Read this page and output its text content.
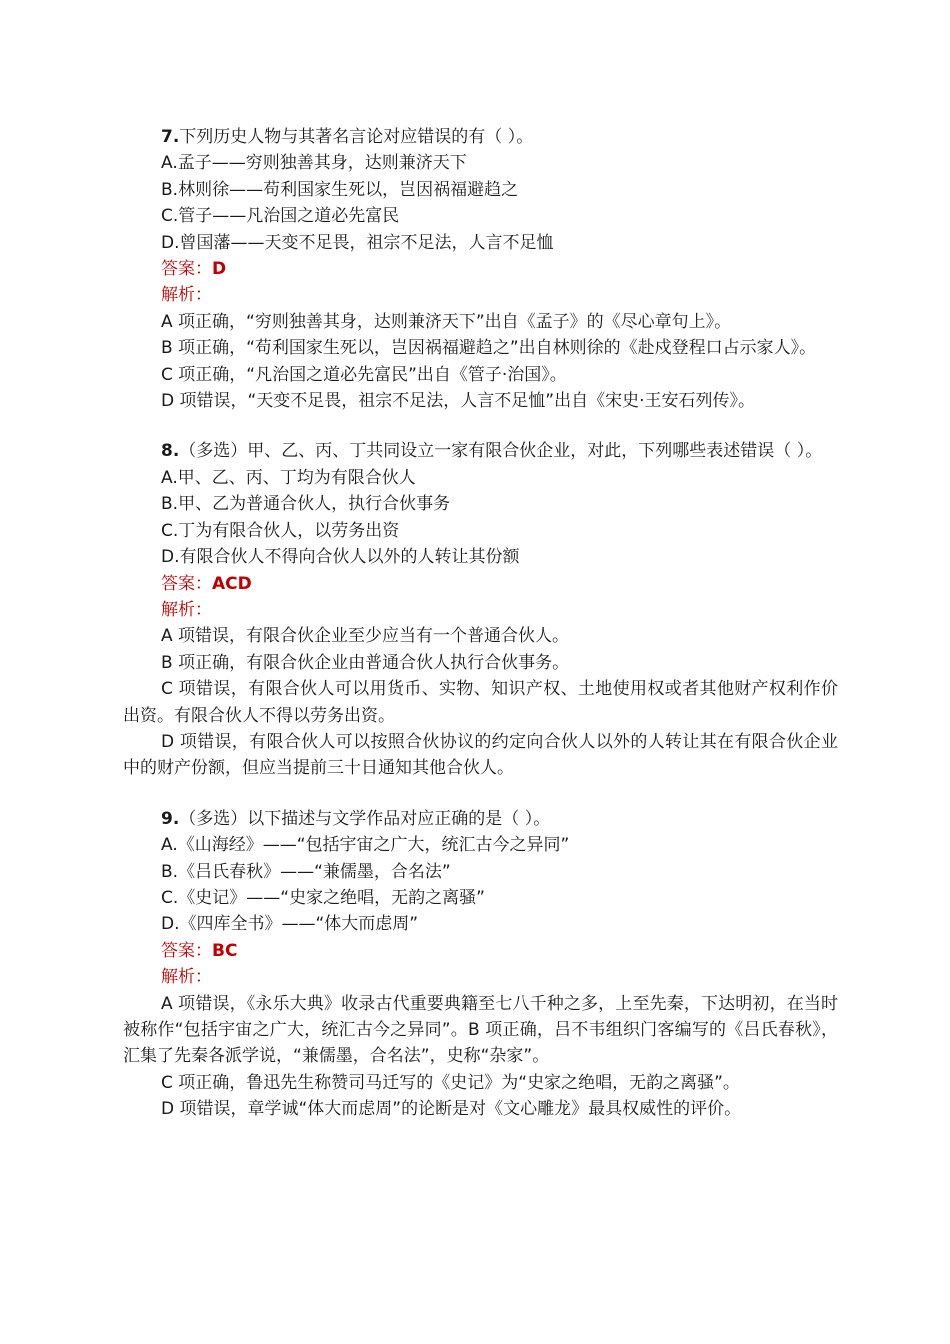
7.下列历史人物与其著名言论对应错误的有（ ）。
A.孟子——穷则独善其身，达则兼济天下
B.林则徐——苟利国家生死以，岂因祸福避趋之
C.管子——凡治国之道必先富民
D.曾国藩——天变不足畏，祖宗不足法，人言不足恤
答案：D
解析：
A 项正确，“穷则独善其身，达则兼济天下”出自《孟子》的《尽心章句上》。
B 项正确，“苟利国家生死以，岂因祸福避趋之”出自林则徐的《赴戍登程口占示家人》。
C 项正确，“凡治国之道必先富民”出自《管子·治国》。
D 项错误，“天变不足畏，祖宗不足法，人言不足恤”出自《宋史·王安石列传》。
8.（多选）甲、乙、丙、丁共同设立一家有限合伙企业，对此，下列哪些表述错误（ ）。
A.甲、乙、丙、丁均为有限合伙人
B.甲、乙为普通合伙人，执行合伙事务
C.丁为有限合伙人，以劳务出资
D.有限合伙人不得向合伙人以外的人转让其份额
答案：ACD
解析：
A 项错误，有限合伙企业至少应当有一个普通合伙人。
B 项正确，有限合伙企业由普通合伙人执行合伙事务。
C 项错误，有限合伙人可以用货币、实物、知识产权、土地使用权或者其他财产权利作价出资。有限合伙人不得以劳务出资。
D 项错误，有限合伙人可以按照合伙协议的约定向合伙人以外的人转让其在有限合伙企业中的财产份额，但应当提前三十日通知其他合伙人。
9.（多选）以下描述与文学作品对应正确的是（ ）。
A.《山海经》——“包括宇宙之广大，统汇古今之异同”
B.《吕氏春秋》——“兼儒墨，合名法”
C.《史记》——“史家之绝唱，无韵之离骚”
D.《四库全书》——“体大而虑周”
答案：BC
解析：
A 项错误，《永乐大典》收录古代重要典籍至七八千种之多，上至先秦，下达明初，在当时被称作“包括宇宙之广大，统汇古今之异同”。B 项正确，吕不韦组织门客编写的《吕氏春秋》，汇集了先秦各派学说，“兼儒墨，合名法”，史称“杂家”。
C 项正确，鲁迅先生称赞司马迁写的《史记》为“史家之绝唱，无韵之离骚”。
D 项错误，章学诚“体大而虑周”的论断是对《文心雕龙》最具权威性的评价。
